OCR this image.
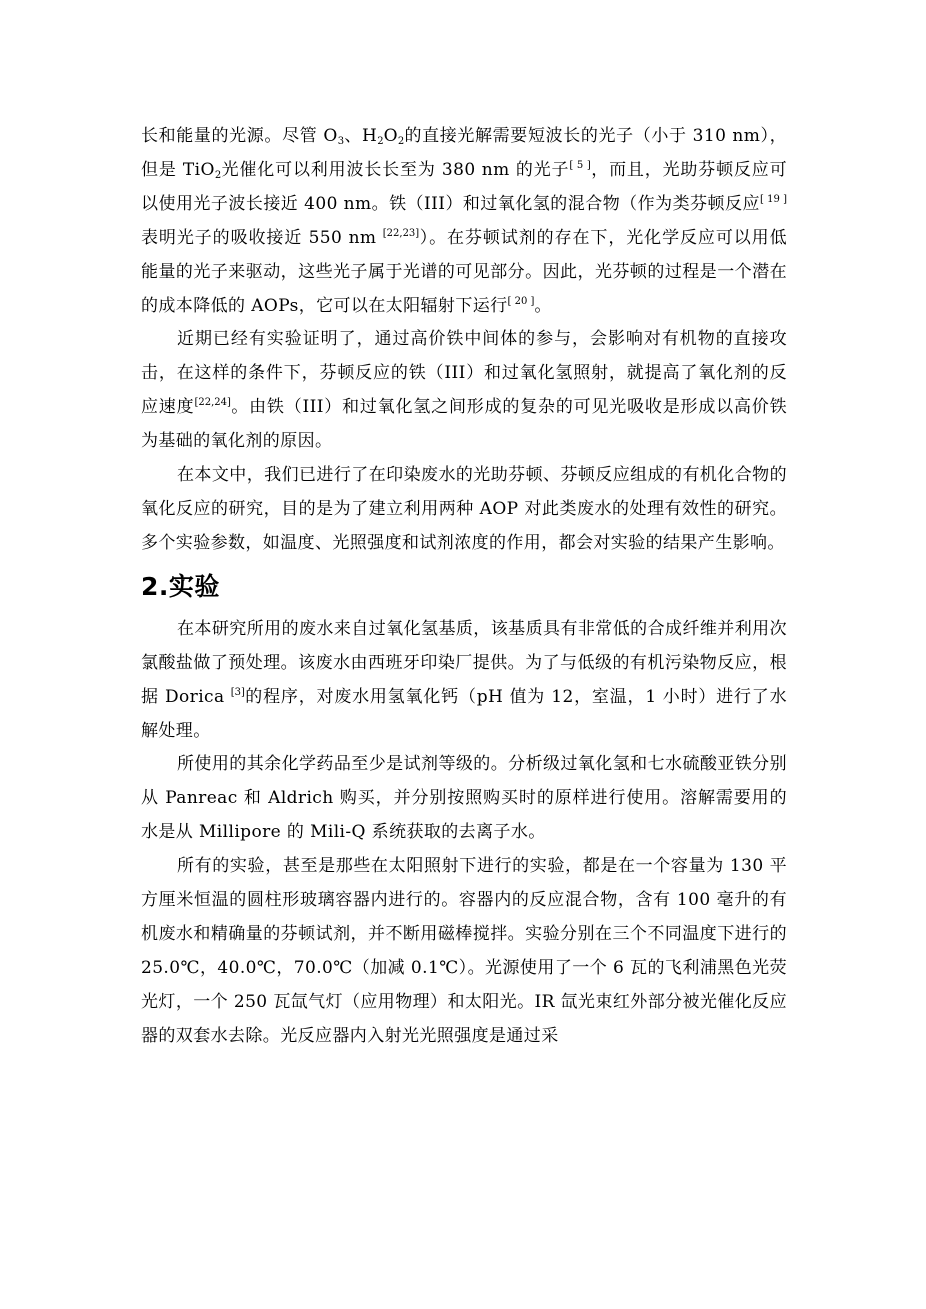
长和能量的光源。尽管 $O_3$、$H_2O_2$的直接光解需要短波长的光子（小于 310 nm），但是 TiO$_2$光催化可以利用波长长至为 380 nm 的光子[ 5 ]，而且，光助芬顿反应可以使用光子波长接近 400 nm。铁（III）和过氧化氢的混合物（作为类芬顿反应[ 19 ]表明光子的吸收接近 550 nm [22,23]）。在芬顿试剂的存在下，光化学反应可以用低能量的光子来驱动，这些光子属于光谱的可见部分。因此，光芬顿的过程是一个潜在的成本降低的 AOPs，它可以在太阳辐射下运行[ 20 ]。

近期已经有实验证明了，通过高价铁中间体的参与，会影响对有机物的直接攻击，在这样的条件下，芬顿反应的铁（III）和过氧化氢照射，就提高了氧化剂的反应速度[22,24]。由铁（III）和过氧化氢之间形成的复杂的可见光吸收是形成以高价铁为基础的氧化剂的原因。

在本文中，我们已进行了在印染废水的光助芬顿、芬顿反应组成的有机化合物的氧化反应的研究，目的是为了建立利用两种 AOP 对此类废水的处理有效性的研究。多个实验参数，如温度、光照强度和试剂浓度的作用，都会对实验的结果产生影响。

2.实验

在本研究所用的废水来自过氧化氢基质，该基质具有非常低的合成纤维并利用次氯酸盐做了预处理。该废水由西班牙印染厂提供。为了与低级的有机污染物反应，根据 Dorica [3]的程序，对废水用氢氧化钙（pH 值为 12，室温，1 小时）进行了水解处理。

所使用的其余化学药品至少是试剂等级的。分析级过氧化氢和七水硫酸亚铁分别从 Panreac 和 Aldrich 购买，并分别按照购买时的原样进行使用。溶解需要用的水是从 Millipore 的 Mili-Q 系统获取的去离子水。

所有的实验，甚至是那些在太阳照射下进行的实验，都是在一个容量为 130 平方厘米恒温的圆柱形玻璃容器内进行的。容器内的反应混合物，含有 100 毫升的有机废水和精确量的芬顿试剂，并不断用磁棒搅拌。实验分别在三个不同温度下进行的 25.0℃，40.0℃，70.0℃（加减 0.1℃）。光源使用了一个 6 瓦的飞利浦黑色光荧光灯，一个 250 瓦氙气灯（应用物理）和太阳光。IR 氙光束红外部分被光催化反应器的双套水去除。光反应器内入射光光照强度是通过采
